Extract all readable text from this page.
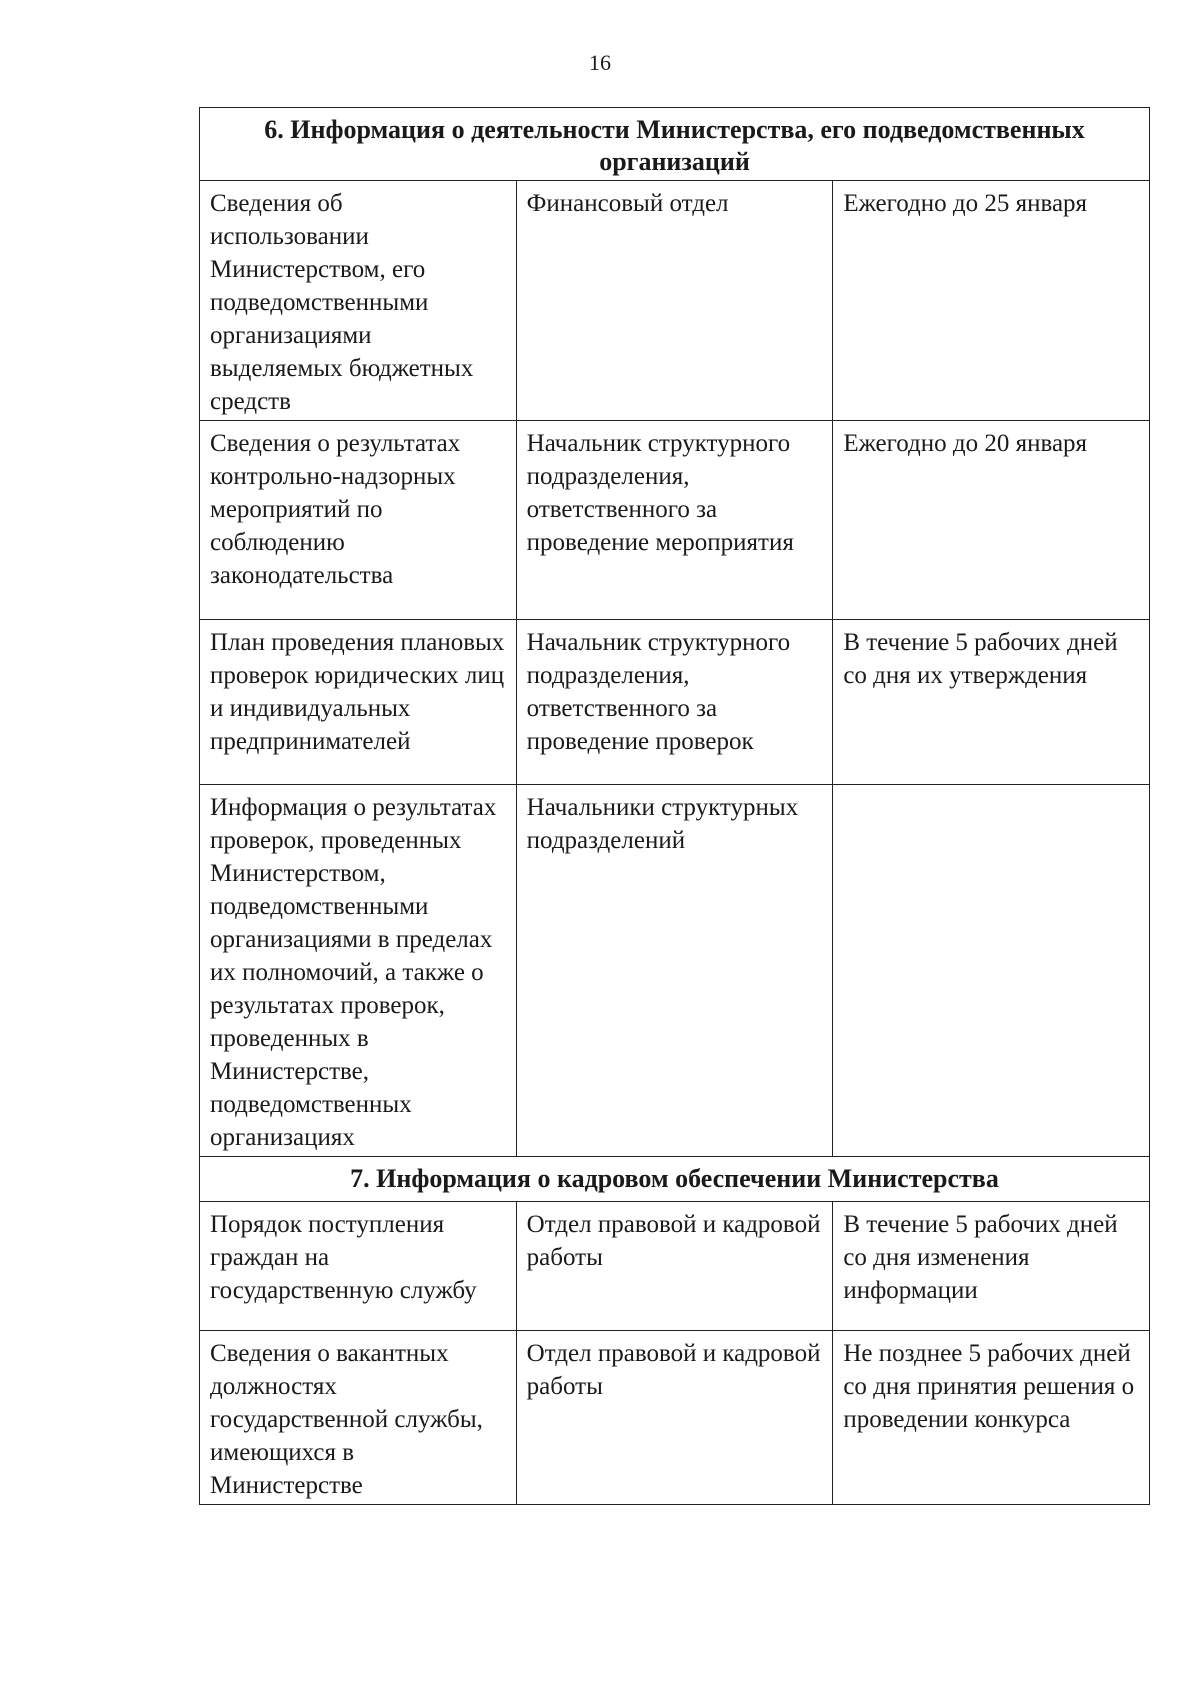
16
6. Информация о деятельности Министерства, его подведомственных организаций		
Сведения об использовании Министерством, его подведомственными организациями выделяемых бюджетных средств	Финансовый отдел	Ежегодно до 25 января
Сведения о результатах контрольно-надзорных мероприятий по соблюдению законодательства	Начальник структурного подразделения, ответственного за проведение мероприятия	Ежегодно до 20 января
План проведения плановых проверок юридических лиц и индивидуальных предпринимателей	Начальник структурного подразделения, ответственного за проведение проверок	В течение 5 рабочих дней со дня их утверждения
Информация о результатах проверок, проведенных Министерством, подведомственными организациями в пределах их полномочий, а также о результатах проверок, проведенных в Министерстве, подведомственных организациях	Начальники структурных подразделений	
7. Информация о кадровом обеспечении Министерства		
Порядок поступления граждан на государственную службу	Отдел правовой и кадровой работы	В течение 5 рабочих дней со дня изменения информации
Сведения о вакантных должностях государственной службы, имеющихся в Министерстве	Отдел правовой и кадровой работы	Не позднее 5 рабочих дней со дня принятия решения о проведении конкурса
